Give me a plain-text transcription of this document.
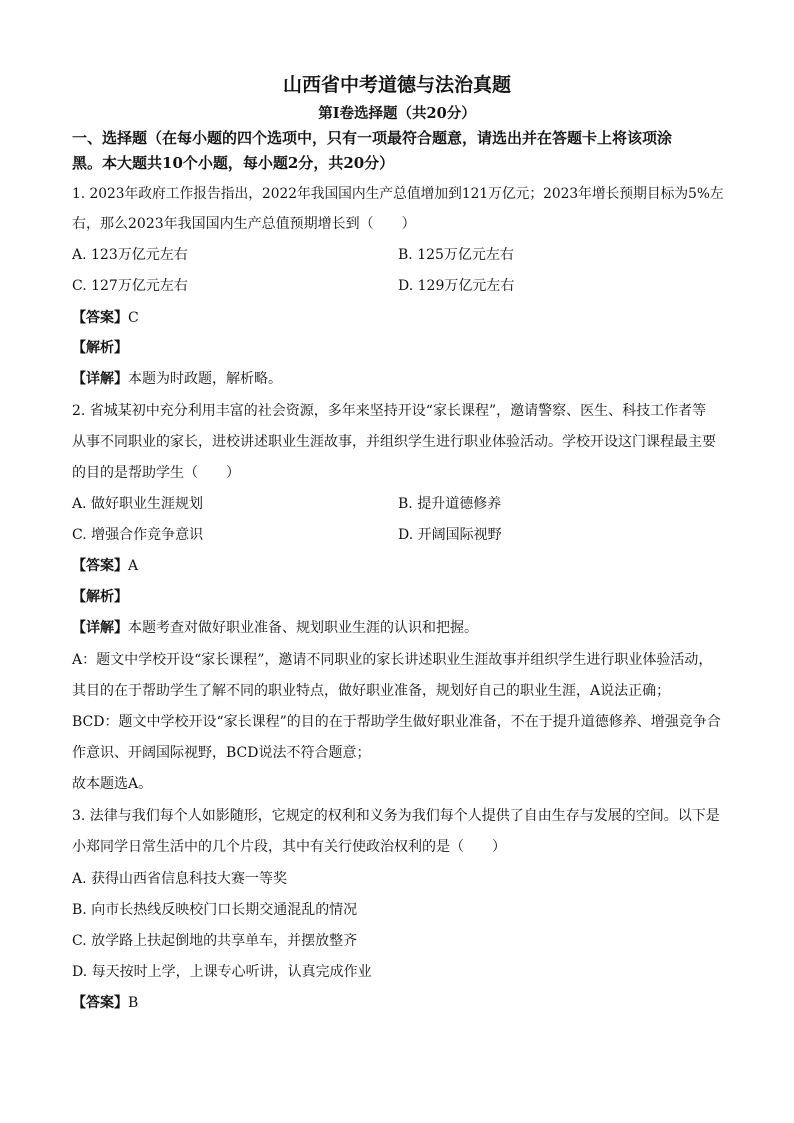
山西省中考道德与法治真题
第Ⅰ卷选择题（共20分）
一、选择题（在每小题的四个选项中，只有一项最符合题意，请选出并在答题卡上将该项涂
黑。本大题共10个小题，每小题2分，共20分）
1. 2023年政府工作报告指出，2022年我国国内生产总值增加到121万亿元；2023年增长预期目标为5%左
右，那么2023年我国国内生产总值预期增长到（　　）
A. 123万亿元左右	B. 125万亿元左右
C. 127万亿元左右	D. 129万亿元左右
【答案】C
【解析】
【详解】本题为时政题，解析略。
2. 省城某初中充分利用丰富的社会资源，多年来坚持开设“家长课程”，邀请警察、医生、科技工作者等
从事不同职业的家长，进校讲述职业生涯故事，并组织学生进行职业体验活动。学校开设这门课程最主要
的目的是帮助学生（　　）
A. 做好职业生涯规划	B. 提升道德修养
C. 增强合作竞争意识	D. 开阔国际视野
【答案】A
【解析】
【详解】本题考查对做好职业准备、规划职业生涯的认识和把握。
A：题文中学校开设“家长课程”，邀请不同职业的家长讲述职业生涯故事并组织学生进行职业体验活动，
其目的在于帮助学生了解不同的职业特点，做好职业准备，规划好自己的职业生涯，A说法正确；
BCD：题文中学校开设“家长课程”的目的在于帮助学生做好职业准备，不在于提升道德修养、增强竞争合
作意识、开阔国际视野，BCD说法不符合题意；
故本题选A。
3. 法律与我们每个人如影随形，它规定的权利和义务为我们每个人提供了自由生存与发展的空间。以下是
小郑同学日常生活中的几个片段，其中有关行使政治权利的是（　　）
A. 获得山西省信息科技大赛一等奖
B. 向市长热线反映校门口长期交通混乱的情况
C. 放学路上扶起倒地的共享单车，并摆放整齐
D. 每天按时上学，上课专心听讲，认真完成作业
【答案】B
